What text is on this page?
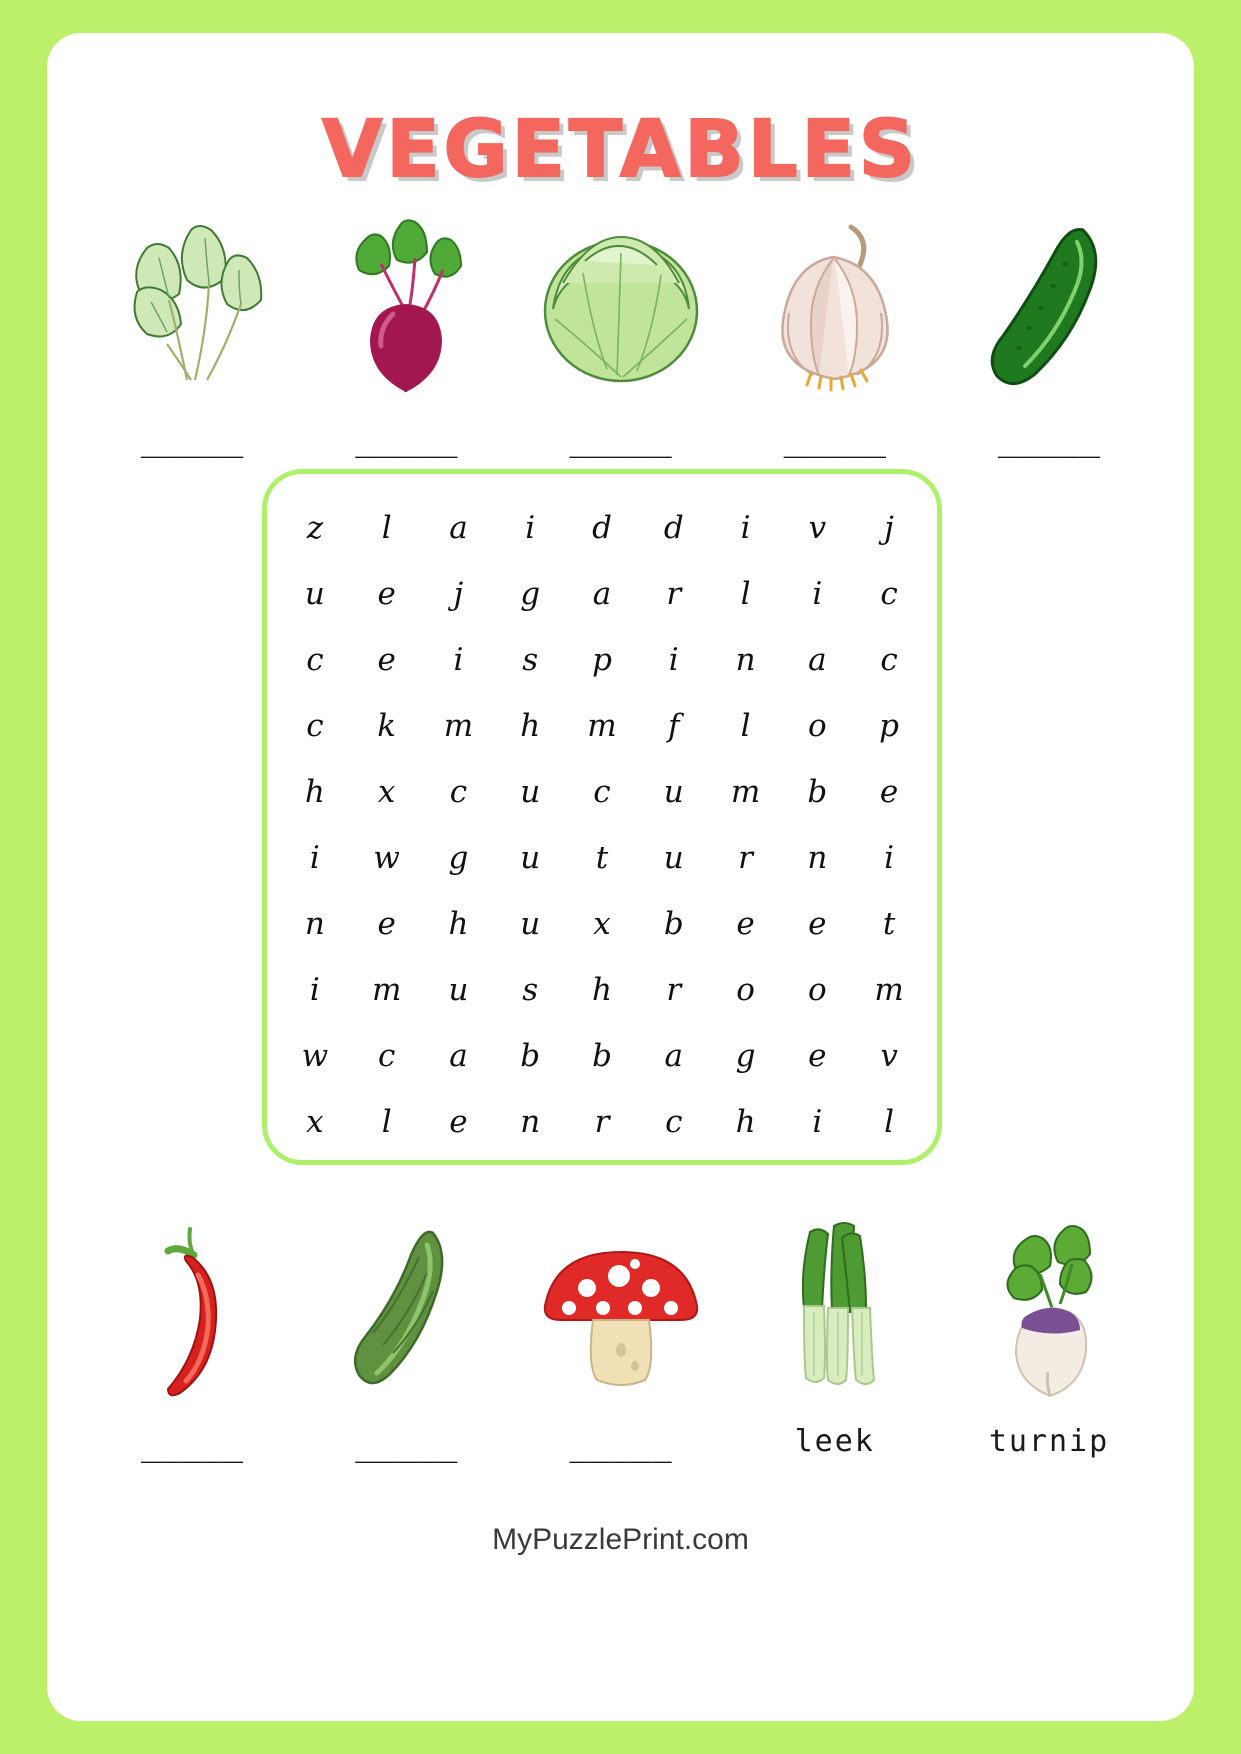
VEGETABLES
_____	_____	_____	_____	_____
z l a i d d i v j
u e j g a r l i c
c e i s p i n a c
c k m h m f l o p
h x c u c u m b e
i w g u t u r n i
n e h u x b e e t
i m u s h r o o m
w c a b b a g e v
x l e n r c h i l
_____	_____	_____	leek	turnip
MyPuzzlePrint.com
